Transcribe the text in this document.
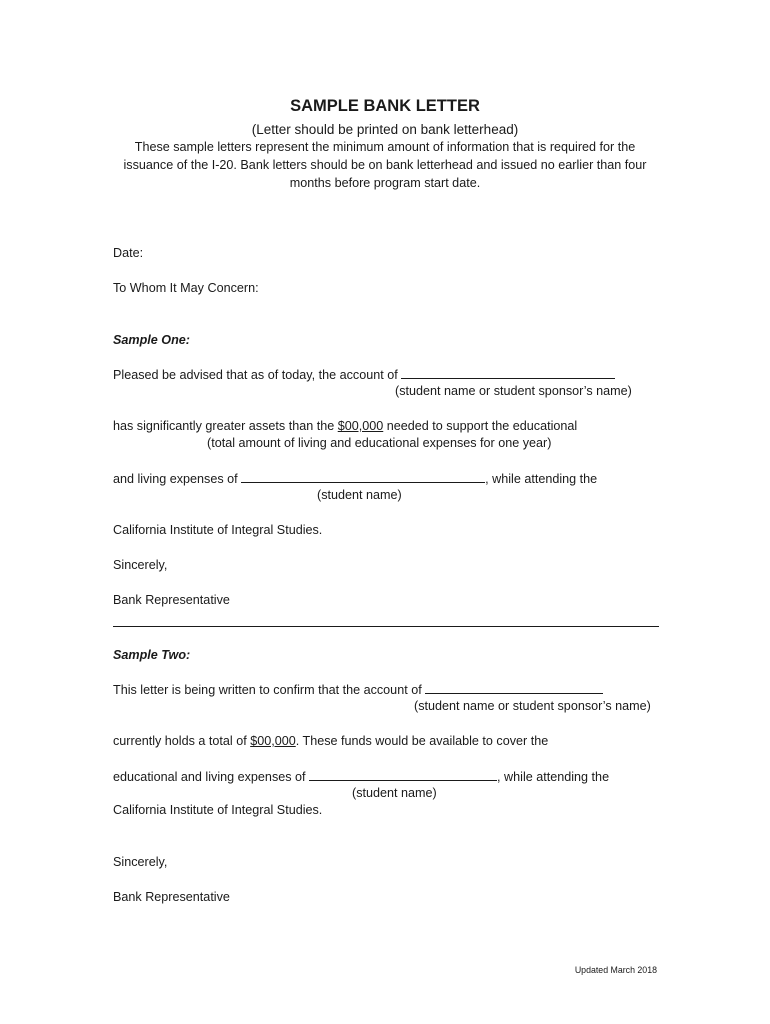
SAMPLE BANK LETTER
(Letter should be printed on bank letterhead)
These sample letters represent the minimum amount of information that is required for the
issuance of the I-20. Bank letters should be on bank letterhead and issued no earlier than four
months before program start date.
Date:
To Whom It May Concern:
Sample One:
Pleased be advised that as of today, the account of
(student name or student sponsor’s name)
has significantly greater assets than the $00,000 needed to support the educational
(total amount of living and educational expenses for one year)
and living expenses of	, while attending the
(student name)
California Institute of Integral Studies.
Sincerely,
Bank Representative
Sample Two:
This letter is being written to confirm that the account of
(student name or student sponsor’s name)
currently holds a total of $00,000. These funds would be available to cover the
educational and living expenses of	, while attending the
(student name)
California Institute of Integral Studies.
Sincerely,
Bank Representative
Updated March 2018
